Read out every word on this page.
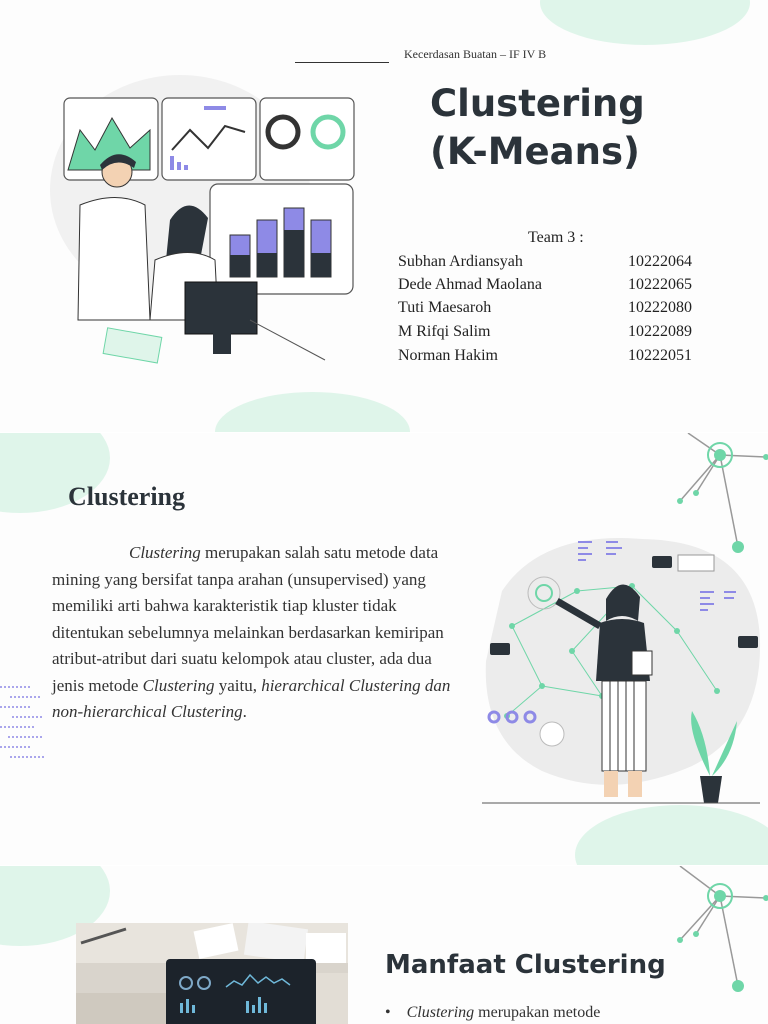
Kecerdasan Buatan – IF IV B
Clustering
(K-Means)
Team 3 :
Subhan Ardiansyah	10222064
Dede Ahmad Maolana	10222065
Tuti Maesaroh	10222080
M Rifqi Salim	10222089
Norman Hakim	10222051
Clustering

Clustering merupakan salah satu metode data mining yang bersifat tanpa arahan (unsupervised) yang memiliki arti bahwa karakteristik tiap kluster tidak ditentukan sebelumnya melainkan berdasarkan kemiripan atribut-atribut dari suatu kelompok atau cluster, ada dua jenis metode Clustering yaitu, hierarchical Clustering dan non-hierarchical Clustering.

Manfaat Clustering
• Clustering merupakan metode
